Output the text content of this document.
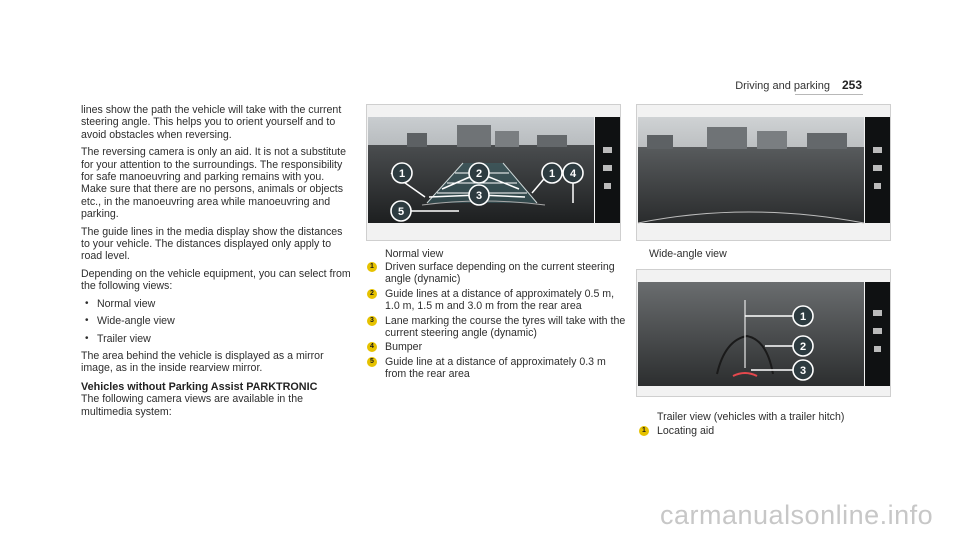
Driving and parking 253

lines show the path the vehicle will take with the current steering angle. This helps you to orient yourself and to avoid obstacles when reversing.

The reversing camera is only an aid. It is not a substitute for your attention to the surroundings. The responsibility for safe manoeuvring and parking remains with you. Make sure that there are no persons, animals or objects etc., in the manoeuvring area while manoeuvring and parking.

The guide lines in the media display show the distances to your vehicle. The distances displayed only apply to road level.

Depending on the vehicle equipment, you can select from the following views:

• Normal view
• Wide-angle view
• Trailer view

The area behind the vehicle is displayed as a mirror image, as in the inside rearview mirror.

Vehicles without Parking Assist PARKTRONIC

The following camera views are available in the multimedia system:

1	2
3
1 4
5
1
2
3
Normal view	Wide-angle view
Trailer view (vehicles with a trailer hitch)
1 Driven surface depending on the current steering angle (dynamic)
2 Guide lines at a distance of approximately 0.5 m, 1.0 m, 1.5 m and 3.0 m from the rear area
3 Lane marking the course the tyres will take with the current steering angle (dynamic)
4 Bumper
5 Guide line at a distance of approximately 0.3 m from the rear area
1 Locating aid
carmanualsonline.info
